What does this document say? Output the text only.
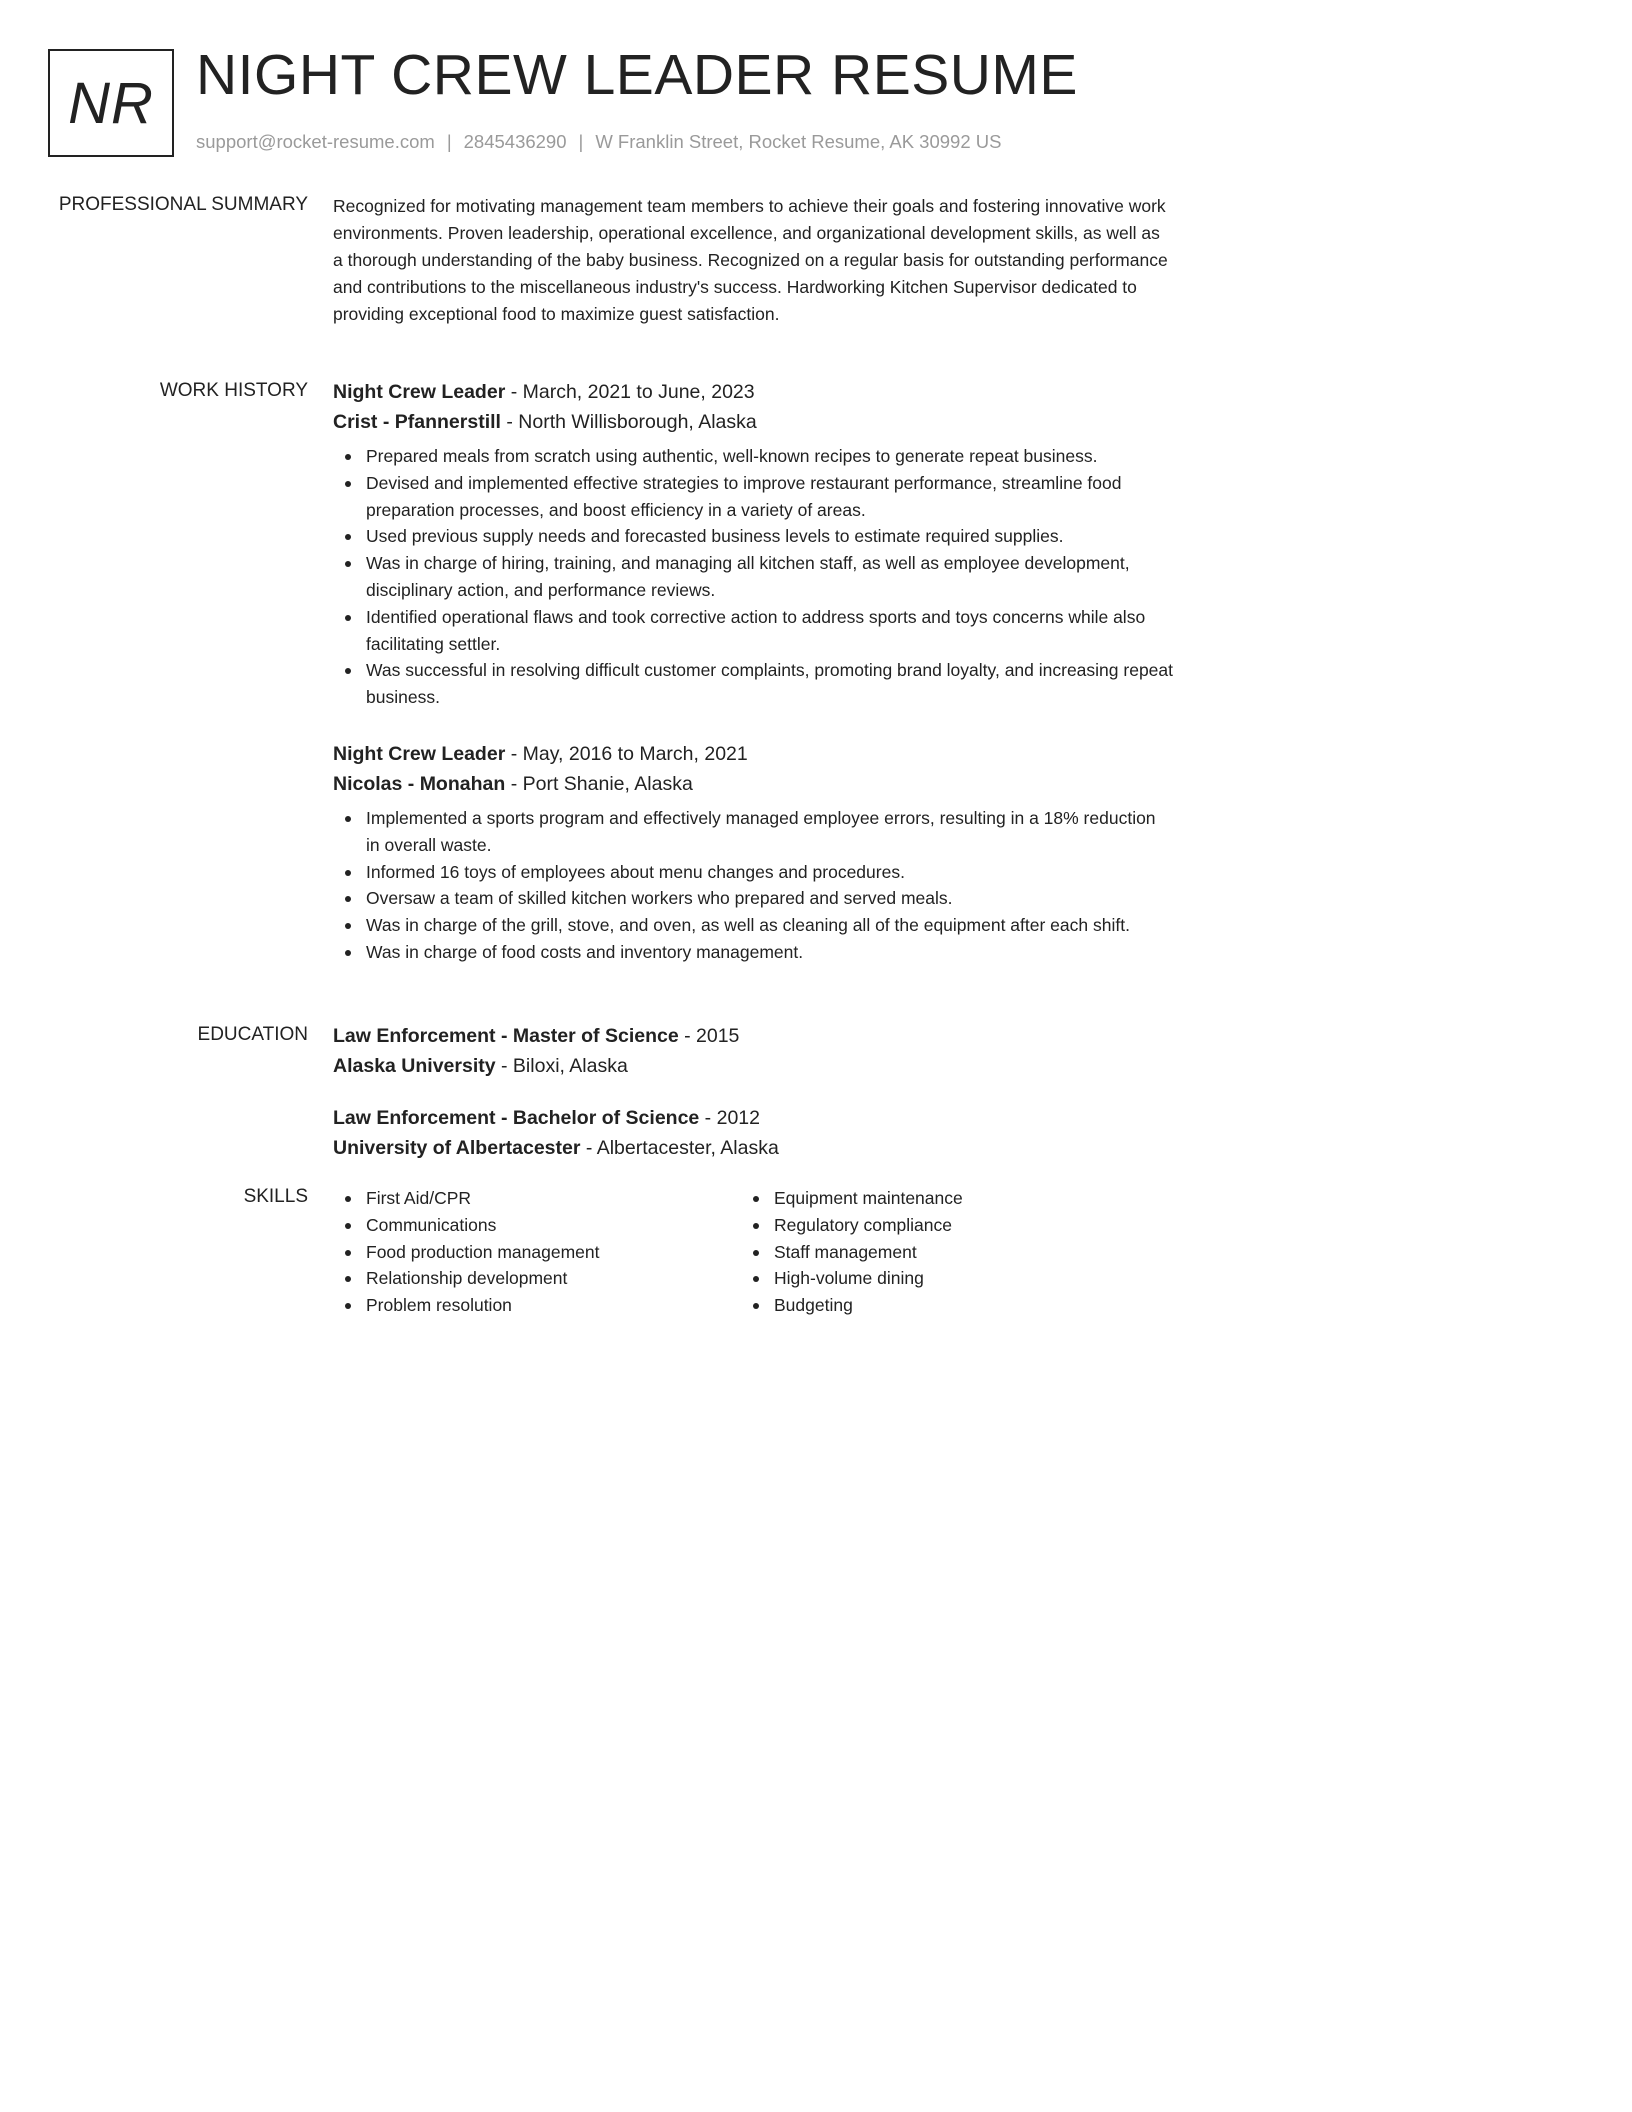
NR NIGHT CREW LEADER RESUME
support@rocket-resume.com | 2845436290 | W Franklin Street, Rocket Resume, AK 30992 US
PROFESSIONAL SUMMARY Recognized for motivating management team members to achieve their goals and fostering innovative work environments. Proven leadership, operational excellence, and organizational development skills, as well as a thorough understanding of the baby business. Recognized on a regular basis for outstanding performance and contributions to the miscellaneous industry's success. Hardworking Kitchen Supervisor dedicated to providing exceptional food to maximize guest satisfaction.
WORK HISTORY Night Crew Leader - March, 2021 to June, 2023
Crist - Pfannerstill - North Willisborough, Alaska
Prepared meals from scratch using authentic, well-known recipes to generate repeat business.
Devised and implemented effective strategies to improve restaurant performance, streamline food preparation processes, and boost efficiency in a variety of areas.
Used previous supply needs and forecasted business levels to estimate required supplies.
Was in charge of hiring, training, and managing all kitchen staff, as well as employee development, disciplinary action, and performance reviews.
Identified operational flaws and took corrective action to address sports and toys concerns while also facilitating settler.
Was successful in resolving difficult customer complaints, promoting brand loyalty, and increasing repeat business.
Night Crew Leader - May, 2016 to March, 2021
Nicolas - Monahan - Port Shanie, Alaska
Implemented a sports program and effectively managed employee errors, resulting in a 18% reduction in overall waste.
Informed 16 toys of employees about menu changes and procedures.
Oversaw a team of skilled kitchen workers who prepared and served meals.
Was in charge of the grill, stove, and oven, as well as cleaning all of the equipment after each shift.
Was in charge of food costs and inventory management.
EDUCATION Law Enforcement - Master of Science - 2015
Alaska University - Biloxi, Alaska
Law Enforcement - Bachelor of Science - 2012
University of Albertacester - Albertacester, Alaska
SKILLS	First Aid/CPR
Communications
Food production management
Relationship development
Problem resolution
Equipment maintenance
Regulatory compliance
Staff management
High-volume dining
Budgeting
